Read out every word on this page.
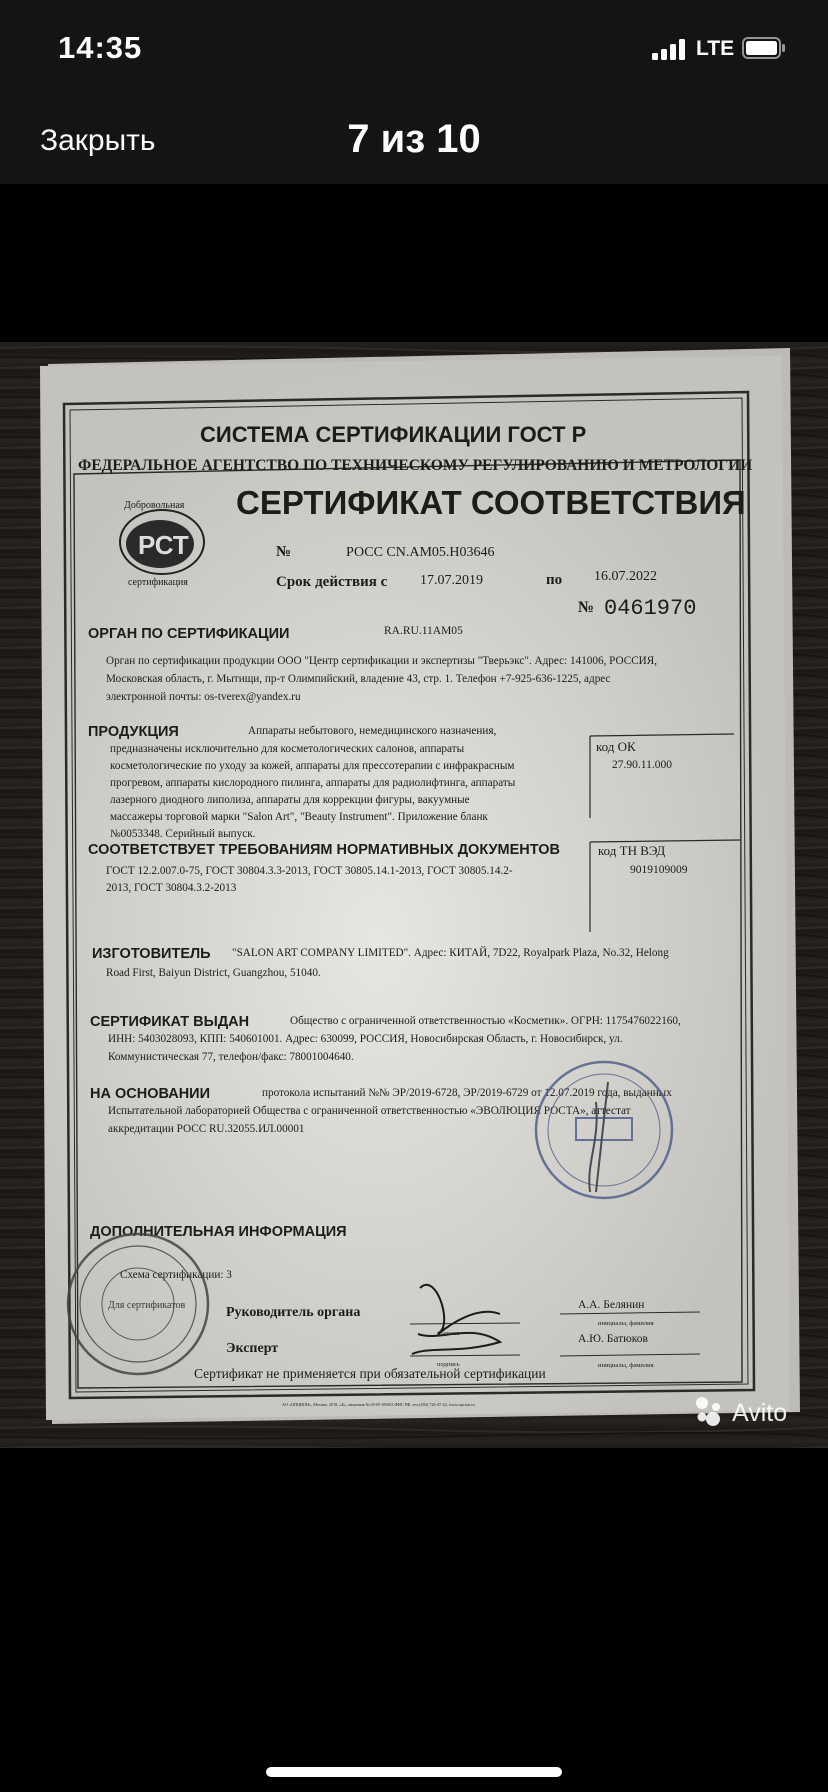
14:35	LTE
Закрыть	7 из 10
СИСТЕМА СЕРТИФИКАЦИИ ГОСТ Р
ФЕДЕРАЛЬНОЕ АГЕНТСТВО ПО ТЕХНИЧЕСКОМУ РЕГУЛИРОВАНИЮ И МЕТРОЛОГИИ
РСТ
Добровольная
сертификация
СЕРТИФИКАТ СООТВЕТСТВИЯ
№	РОСС CN.АМ05.Н03646
Срок действия с 17.07.2019	по 16.07.2022
№ 0461970
ОРГАН ПО СЕРТИФИКАЦИИ	RA.RU.11АМ05
Орган по сертификации продукции ООО "Центр сертификации и экспертизы "Тверьэкс". Адрес: 141006, РОССИЯ,
Московская область, г. Мытищи, пр-т Олимпийский, владение 43, стр. 1. Телефон +7-925-636-1225, адрес
электронной почты: os-tverex@yandex.ru
ПРОДУКЦИЯ	Аппараты небытового, немедицинского назначения,
предназначены исключительно для косметологических салонов, аппараты
косметологические по уходу за кожей, аппараты для прессотерапии с инфракрасным
прогревом, аппараты кислородного пилинга, аппараты для радиолифтинга, аппараты
лазерного диодного липолиза, аппараты для коррекции фигуры, вакуумные
массажеры торговой марки "Salon Art", "Beauty Instrument". Приложение бланк
№0053348. Серийный выпуск.
код ОК
27.90.11.000
СООТВЕТСТВУЕТ ТРЕБОВАНИЯМ НОРМАТИВНЫХ ДОКУМЕНТОВ
ГОСТ 12.2.007.0-75, ГОСТ 30804.3.3-2013, ГОСТ 30805.14.1-2013, ГОСТ 30805.14.2-
2013, ГОСТ 30804.3.2-2013
код ТН ВЭД
9019109009
ИЗГОТОВИТЕЛЬ "SALON ART COMPANY LIMITED". Адрес: КИТАЙ, 7D22, Royalpark Plaza, No.32, Helong
Road First, Baiyun District, Guangzhou, 51040.
СЕРТИФИКАТ ВЫДАН	Общество с ограниченной ответственностью «Косметик». ОГРН: 1175476022160,
ИНН: 5403028093, КПП: 540601001. Адрес: 630099, РОССИЯ, Новосибирская Область, г. Новосибирск, ул.
Коммунистическая 77, телефон/факс: 78001004640.
НА ОСНОВАНИИ	протокола испытаний №№ ЭР/2019-6728, ЭР/2019-6729 от 12.07.2019 года, выданных
Испытательной лабораторией Общества с ограниченной ответственностью «ЭВОЛЮЦИЯ РОСТА», аттестат
аккредитации РОСС RU.32055.ИЛ.00001
ДОПОЛНИТЕЛЬНАЯ ИНФОРМАЦИЯ
Схема сертификации: 3
Для сертификатов	Руководитель органа
подпись
А.А. Белянин
инициалы, фамилия
Эксперт
подпись
А.Ю. Батюков
инициалы, фамилия
Сертификат не применяется при обязательной сертификации
АО «ОПЦИОН», Москва, 2018, «Б», лицензия № 05-05-09/003 ФНС РФ, тел.(495) 726-47-42, www.opcion.ru	Avito
